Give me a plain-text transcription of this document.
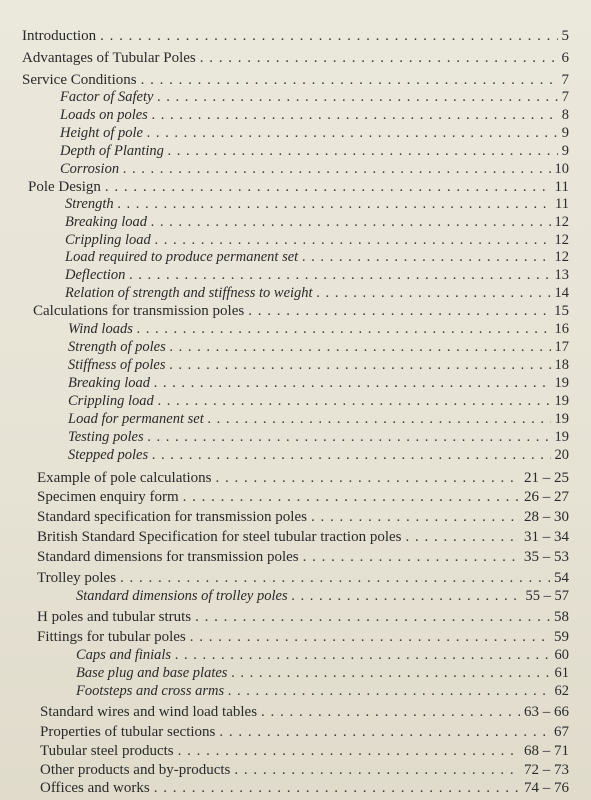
Introduction . . .	5
Advantages of Tubular Poles . . .	6
Service Conditions . . .	7
Factor of Safety . . .	7
Loads on poles . . .	8
Height of pole . . .	9
Depth of Planting . . .	9
Corrosion . . .	10
Pole Design . . .	11
Strength . . .	11
Breaking load . . .	12
Crippling load . . .	12
Load required to produce permanent set . . .	12
Deflection . . .	13
Relation of strength and stiffness to weight . . .	14
Calculations for transmission poles . . .	15
Wind loads . . .	16
Strength of poles . . .	17
Stiffness of poles . . .	18
Breaking load . . .	19
Crippling load . . .	19
Load for permanent set . . .	19
Testing poles . . .	19
Stepped poles . . .	20
Example of pole calculations . . .	21 – 25
Specimen enquiry form . . .	26 – 27
Standard specification for transmission poles . . .	28 – 30
British Standard Specification for steel tubular traction poles . . .	31 – 34
Standard dimensions for transmission poles . . .	35 – 53
Trolley poles . . .	54
Standard dimensions of trolley poles . . .	55 – 57
H poles and tubular struts . . .	58
Fittings for tubular poles . . .	59
Caps and finials . . .	60
Base plug and base plates . . .	61
Footsteps and cross arms . . .	62
Standard wires and wind load tables . . .	63 – 66
Properties of tubular sections . . .	67
Tubular steel products . . .	68 – 71
Other products and by-products . . .	72 – 73
Offices and works . . .	74 – 76
